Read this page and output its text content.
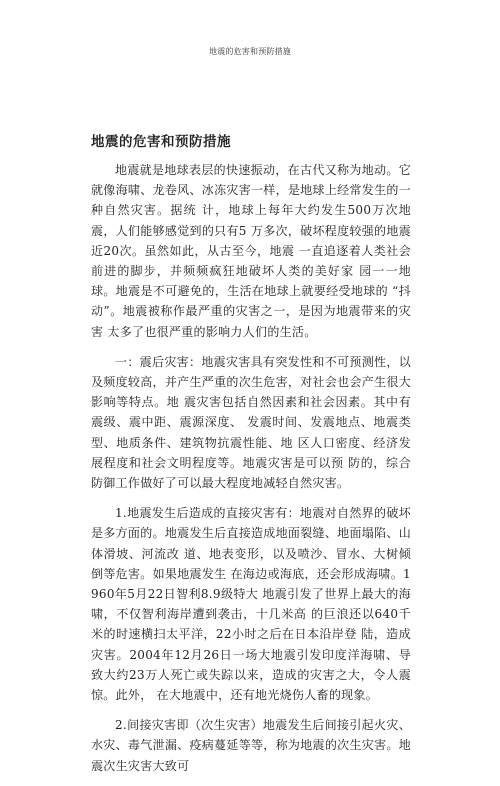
地震的危害和预防措施
地震的危害和预防措施

地震就是地球表层的快速振动，在古代又称为地动。它就像海啸、龙卷风、冰冻灾害一样，是地球上经常发生的一种自然灾害。据统 计，地球上每年大约发生500万次地震，人们能够感觉到的只有5 万多次，破坏程度较强的地震近20次。虽然如此，从古至今，地震 一直追逐着人类社会前进的脚步，并频频疯狂地破坏人类的美好家 园一一地球。地震是不可避免的，生活在地球上就要经受地球的 “抖动”。地震被称作最严重的灾害之一，是因为地震带来的灾害 太多了也很严重的影响力人们的生活。

一：震后灾害：地震灾害具有突发性和不可预测性，以及频度较高，并产生严重的次生危害，对社会也会产生很大影响等特点。地 震灾害包括自然因素和社会因素。其中有震级、震中距、震源深度、 发震时间、发震地点、地震类型、地质条件、建筑物抗震性能、地 区人口密度、经济发展程度和社会文明程度等。地震灾害是可以预 防的，综合防御工作做好了可以最大程度地减轻自然灾害。

1.地震发生后造成的直接灾害有：地震对自然界的破坏是多方面的。地震发生后直接造成地面裂缝、地面塌陷、山体滑坡、河流改 道、地表变形，以及喷沙、冒水、大树倾倒等危害。如果地震发生 在海边或海底，还会形成海啸。1960年5月22日智利8.9级特大 地震引发了世界上最大的海啸，不仅智利海岸遭到袭击，十几米高 的巨浪还以640千米的时速横扫太平洋，22小时之后在日本沿岸登 陆，造成灾害。2004年12月26日一场大地震引发印度洋海啸、导 致大约23万人死亡或失踪以来，造成的灾害之大，令人震惊。此外， 在大地震中，还有地光烧伤人畜的现象。

2.间接灾害即（次生灾害）地震发生后间接引起火灾、水灾、毒气泄漏、疫病蔓延等等，称为地震的次生灾害。地震次生灾害大致可
